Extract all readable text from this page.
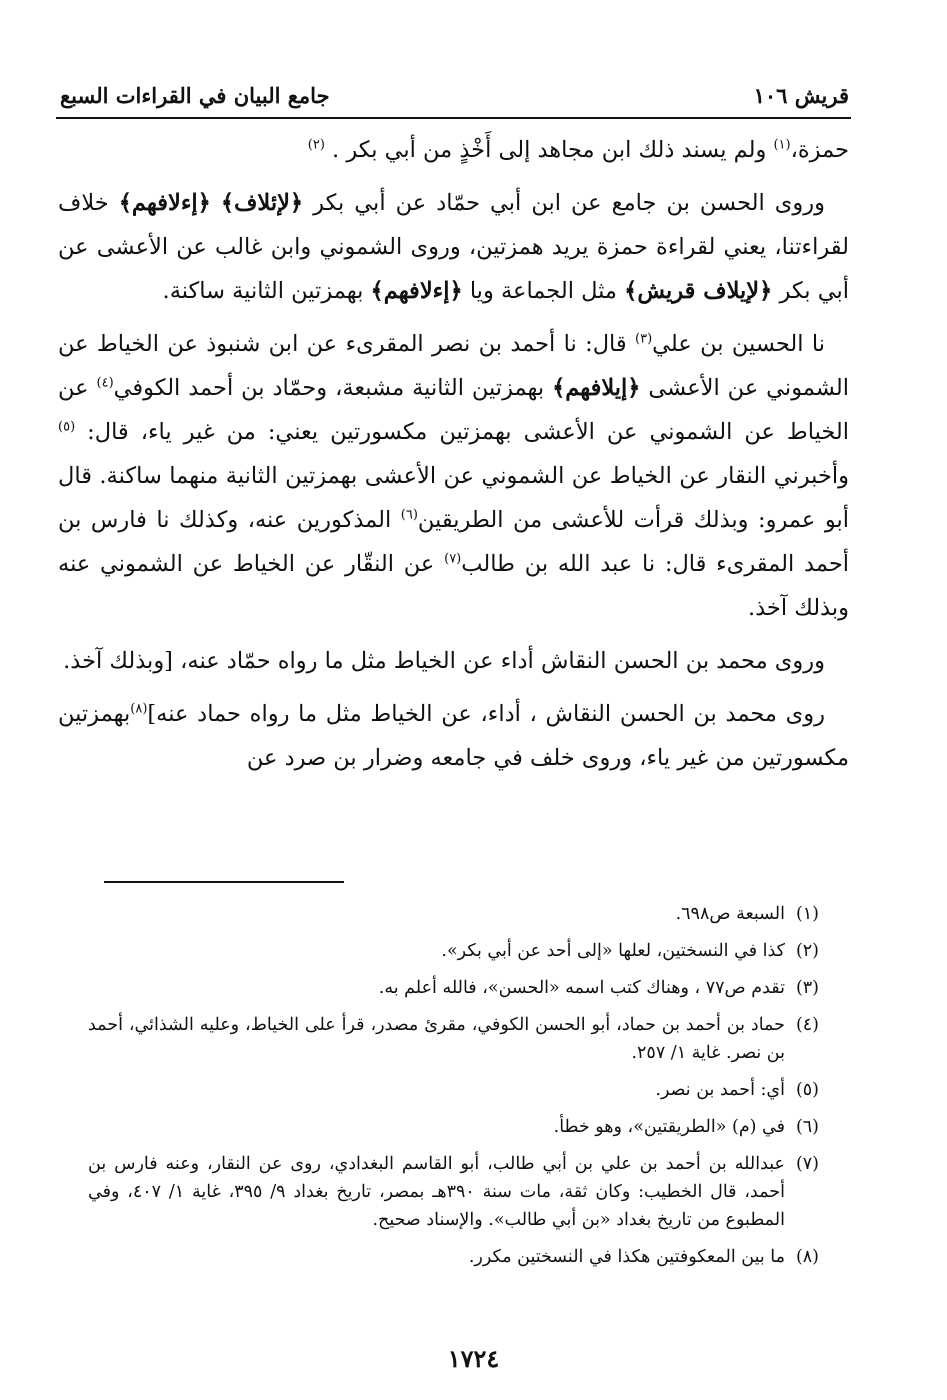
قريش ١٠٦
جامع البيان في القراءات السبع

حمزة،$^{(١)}$ ولم يسند ذلك ابن مجاهد إلى أَخْذٍ من أبي بكر . $^{(٢)}$

وروى الحسن بن جامع عن ابن أبي حمّاد عن أبي بكر ﴿لإئلاف﴾ ﴿إءلافهم﴾ خلاف لقراءتنا، يعني لقراءة حمزة يريد همزتين، وروى الشموني وابن غالب عن الأعشى عن أبي بكر ﴿لإيلاف قريش﴾ مثل الجماعة ويا ﴿إءلافهم﴾ بهمزتين الثانية ساكنة.

نا الحسين بن علي$^{(٣)}$ قال: نا أحمد بن نصر المقرىء عن ابن شنبوذ عن الخياط عن الشموني عن الأعشى ﴿إيلافهم﴾ بهمزتين الثانية مشبعة، وحمّاد بن أحمد الكوفي$^{(٤)}$ عن الخياط عن الشموني عن الأعشى بهمزتين مكسورتين يعني: من غير ياء، قال: $^{(٥)}$ وأخبرني النقار عن الخياط عن الشموني عن الأعشى بهمزتين الثانية منهما ساكنة. قال أبو عمرو: وبذلك قرأت للأعشى من الطريقين$^{(٦)}$ المذكورين عنه، وكذلك نا فارس بن أحمد المقرىء قال: نا عبد الله بن طالب$^{(٧)}$ عن النقّار عن الخياط عن الشموني عنه وبذلك آخذ.

وروى محمد بن الحسن النقاش أداء عن الخياط مثل ما رواه حمّاد عنه، [وبذلك آخذ.

روى محمد بن الحسن النقاش ، أداء، عن الخياط مثل ما رواه حماد عنه]$^{(٨)}$بهمزتين مكسورتين من غير ياء، وروى خلف في جامعه وضرار بن صرد عن

(١)
السبعة ص٦٩٨.
(٢)
كذا في النسختين، لعلها «إلى أحد عن أبي بكر».
(٣)
تقدم ص٧٧ ، وهناك كتب اسمه «الحسن»، فالله أعلم به.
(٤)
حماد بن أحمد بن حماد، أبو الحسن الكوفي، مقرئ مصدر، قرأ على الخياط، وعليه الشذائي، أحمد بن نصر. غاية ١/ ٢٥٧.
(٥)
أي: أحمد بن نصر.
(٦)
في (م) «الطريقتين»، وهو خطأ.
(٧)
عبدالله بن أحمد بن علي بن أبي طالب، أبو القاسم البغدادي، روى عن النقار، وعنه فارس بن أحمد، قال الخطيب: وكان ثقة، مات سنة ٣٩٠هـ بمصر، تاريخ بغداد ٩/ ٣٩٥، غاية ١/ ٤٠٧، وفي المطبوع من تاريخ بغداد «بن أبي طالب». والإسناد صحيح.
(٨)
ما بين المعكوفتين هكذا في النسختين مكرر.
١٧٢٤
